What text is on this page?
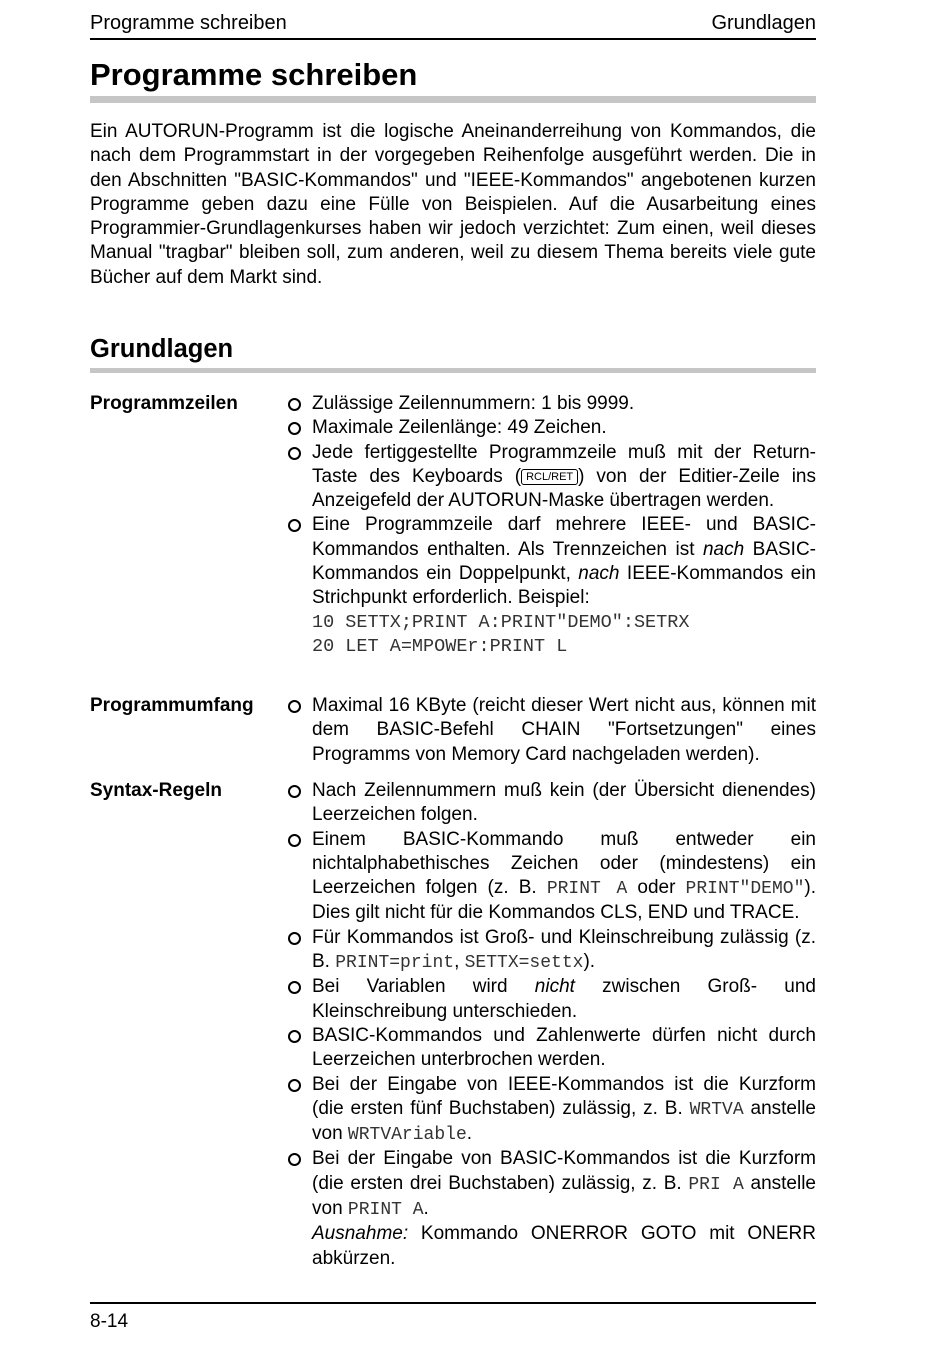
Programme schreiben	Grundlagen
Programme schreiben

Ein AUTORUN-Programm ist die logische Aneinanderreihung von Kommandos, die nach dem Programmstart in der vorgegeben Reihenfolge ausgeführt werden. Die in den Abschnitten "BASIC-Kommandos" und "IEEE-Kommandos" angebotenen kurzen Programme geben dazu eine Fülle von Beispielen. Auf die Ausarbeitung eines Programmier-Grundlagenkurses haben wir jedoch verzichtet: Zum einen, weil dieses Manual "tragbar" bleiben soll, zum anderen, weil zu diesem Thema bereits viele gute Bücher auf dem Markt sind.

Grundlagen
Programmzeilen	Zulässige Zeilennummern: 1 bis 9999.
Maximale Zeilenlänge: 49 Zeichen.
Jede fertiggestellte Programmzeile muß mit der Return-Taste des Keyboards ( RCL/RET ) von der Editier-Zeile ins Anzeigefeld der AUTORUN-Maske übertragen werden.
Eine Programmzeile darf mehrere IEEE- und BASIC-Kommandos enthalten. Als Trennzeichen ist nach BASIC-Kommandos ein Doppelpunkt, nach IEEE-Kommandos ein Strichpunkt erforderlich. Beispiel:
10 SETTX;PRINT A:PRINT"DEMO":SETRX
20 LET A=MPOWEr:PRINT L
Programmumfang	Maximal 16 KByte (reicht dieser Wert nicht aus, können mit dem BASIC-Befehl CHAIN "Fortsetzungen" eines Programms von Memory Card nachgeladen werden).
Syntax-Regeln	Nach Zeilennummern muß kein (der Übersicht dienendes) Leerzeichen folgen.
Einem BASIC-Kommando muß entweder ein nichtalphabethisches Zeichen oder (mindestens) ein Leerzeichen folgen (z. B. PRINT A oder PRINT"DEMO"). Dies gilt nicht für die Kommandos CLS, END und TRACE.
Für Kommandos ist Groß- und Kleinschreibung zulässig (z. B. PRINT=print, SETTX=settx).
Bei Variablen wird nicht zwischen Groß- und Kleinschreibung unterschieden.
BASIC-Kommandos und Zahlenwerte dürfen nicht durch Leerzeichen unterbrochen werden.
Bei der Eingabe von IEEE-Kommandos ist die Kurzform (die ersten fünf Buchstaben) zulässig, z. B. WRTVA anstelle von WRTVAriable.
Bei der Eingabe von BASIC-Kommandos ist die Kurzform (die ersten drei Buchstaben) zulässig, z. B. PRI A anstelle von PRINT A.
Ausnahme: Kommando ONERROR GOTO mit ONERR abkürzen.
8-14
